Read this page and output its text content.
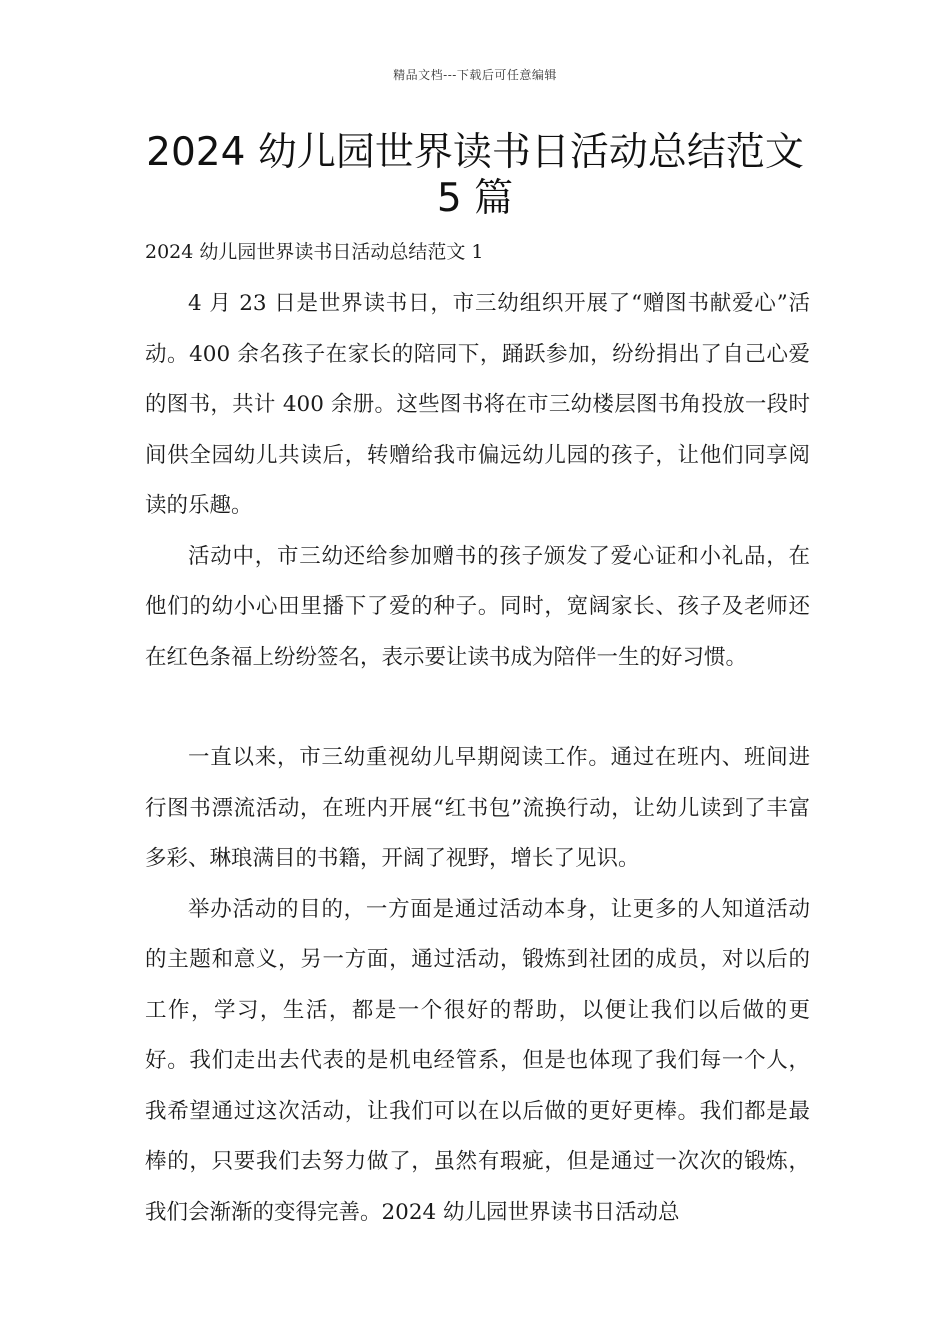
精品文档---下载后可任意编辑
2024 幼儿园世界读书日活动总结范文 5 篇
2024 幼儿园世界读书日活动总结范文 1

4 月 23 日是世界读书日，市三幼组织开展了“赠图书献爱心”活动。400 余名孩子在家长的陪同下，踊跃参加，纷纷捐出了自己心爱的图书，共计 400 余册。这些图书将在市三幼楼层图书角投放一段时间供全园幼儿共读后，转赠给我市偏远幼儿园的孩子，让他们同享阅读的乐趣。

活动中，市三幼还给参加赠书的孩子颁发了爱心证和小礼品，在他们的幼小心田里播下了爱的种子。同时，宽阔家长、孩子及老师还在红色条福上纷纷签名，表示要让读书成为陪伴一生的好习惯。

一直以来，市三幼重视幼儿早期阅读工作。通过在班内、班间进行图书漂流活动，在班内开展“红书包”流换行动，让幼儿读到了丰富多彩、琳琅满目的书籍，开阔了视野，增长了见识。

举办活动的目的，一方面是通过活动本身，让更多的人知道活动的主题和意义，另一方面，通过活动，锻炼到社团的成员，对以后的工作，学习，生活，都是一个很好的帮助，以便让我们以后做的更好。我们走出去代表的是机电经管系，但是也体现了我们每一个人，我希望通过这次活动，让我们可以在以后做的更好更棒。我们都是最棒的，只要我们去努力做了，虽然有瑕疵，但是通过一次次的锻炼，我们会渐渐的变得完善。2024 幼儿园世界读书日活动总
